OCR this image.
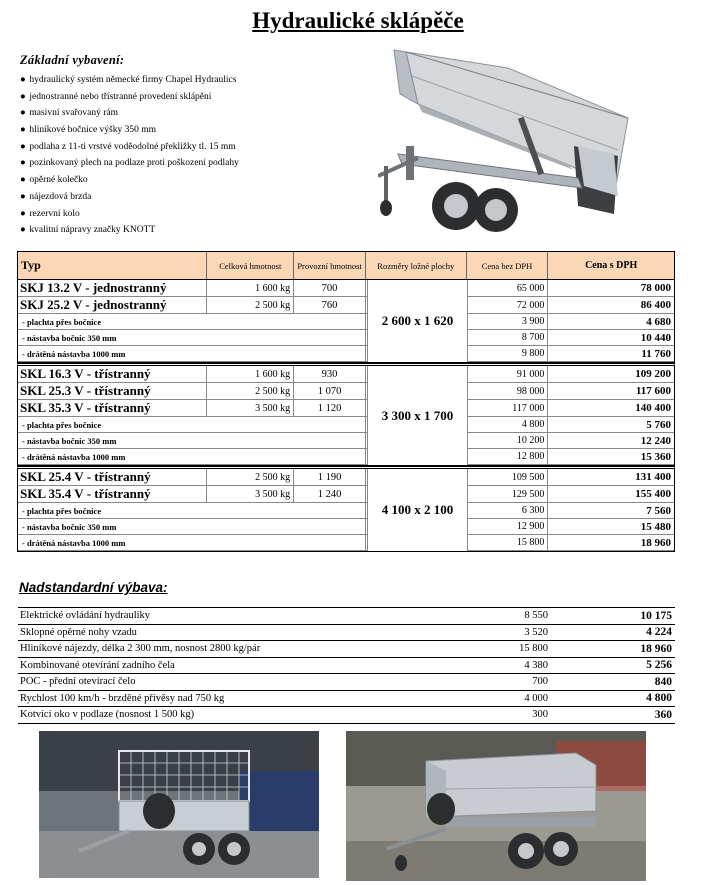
Hydraulické sklápěče
Základní vybavení:
● hydraulický systém německé firmy Chapel Hydraulics
● jednostranné nebo třístranné provedení sklápění
● masivní svařovaný rám
● hliníkové bočnice výšky 350 mm
● podlaha z 11-ti vrstvé voděodolné překližky tl. 15 mm
● pozinkovaný plech na podlaze proti poškození podlahy
● opěrné kolečko
● nájezdová brzda
● rezervní kolo
● kvalitní nápravy značky KNOTT
Typ	Celková hmotnost	Provozní hmotnost	Rozměry ložné plochy	Cena bez DPH	Cena s DPH
SKJ 13.2 V - jednostranný	1 600 kg	700	65 000	78 000
SKJ 25.2 V - jednostranný	2 500 kg	760	72 000	86 400
- plachta přes bočnice	3 900	4 680
- nástavba bočnic 350 mm	8 700	10 440
- drátěná nástavba 1000 mm	9 800	11 760
2 600 x 1 620
SKL 16.3 V - třístranný	1 600 kg	930	91 000	109 200
SKL 25.3 V - třístranný	2 500 kg	1 070	98 000	117 600
SKL 35.3 V - třístranný	3 500 kg	1 120	117 000	140 400
- plachta přes bočnice	4 800	5 760
- nástavba bočnic 350 mm	10 200	12 240
- drátěná nástavba 1000 mm	12 800	15 360
3 300 x 1 700
SKL 25.4 V - třístranný	2 500 kg	1 190	109 500	131 400
SKL 35.4 V - třístranný	3 500 kg	1 240	129 500	155 400
- plachta přes bočnice	6 300	7 560
- nástavba bočnic 350 mm	12 900	15 480
- drátěná nástavba 1000 mm	15 800	18 960
4 100 x 2 100
Nadstandardní výbava:
Elektrické ovládání hydrauliky	8 550	10 175
Sklopné opěrné nohy vzadu	3 520	4 224
Hliníkové nájezdy, délka 2 300 mm, nosnost 2800 kg/pár	15 800	18 960
Kombinované otevírání zadního čela	4 380	5 256
POČ - přední otevírací čelo	700	840
Rychlost 100 km/h - brzděné přívěsy nad 750 kg	4 000	4 800
Kotvící oko v podlaze (nosnost 1 500 kg)	300	360
